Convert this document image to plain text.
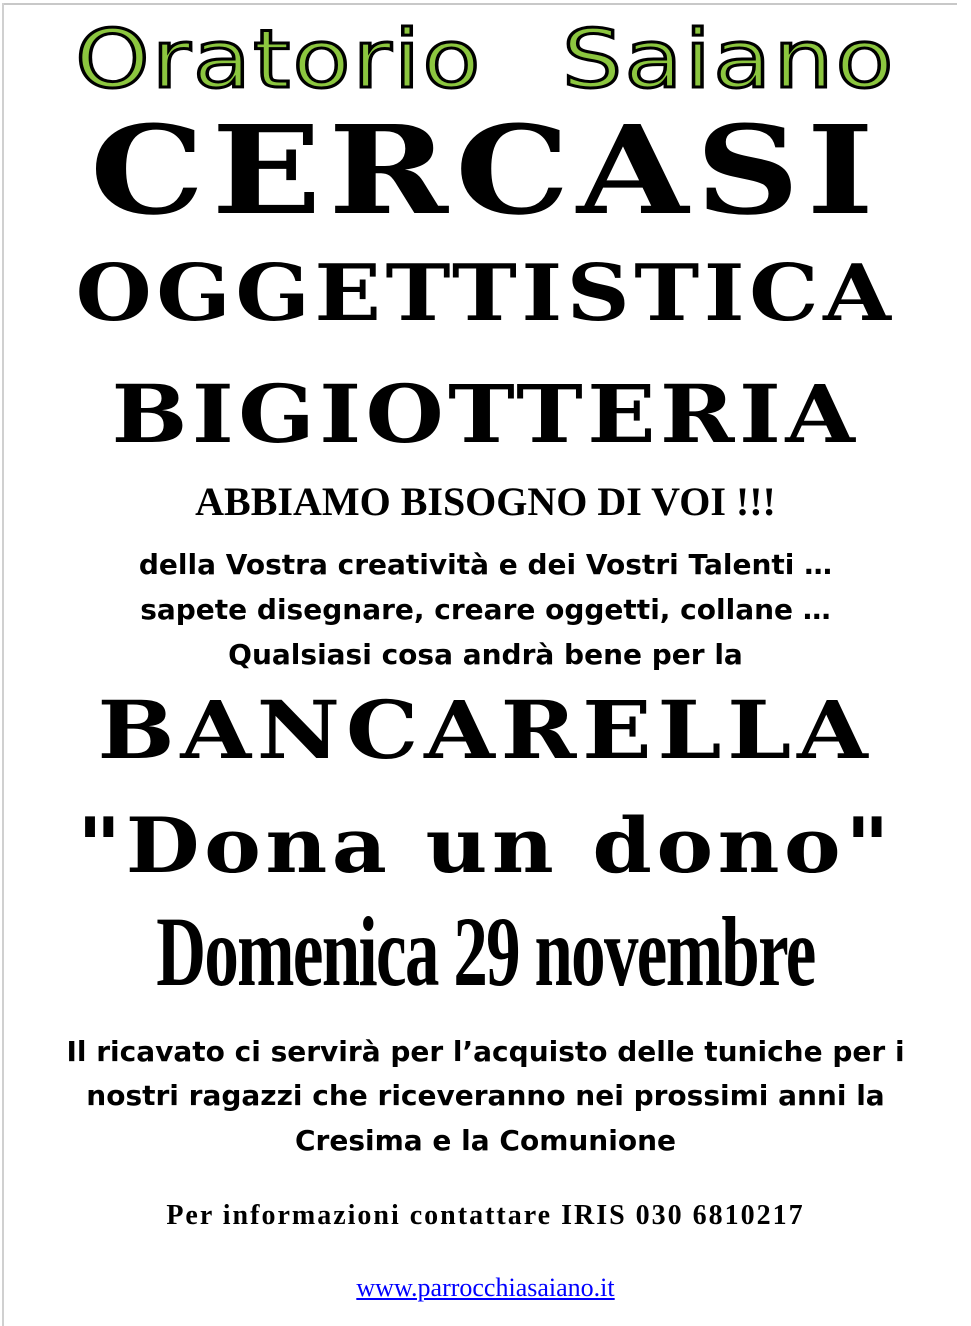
Oratorio Saiano
CERCASI
OGGETTISTICA
BIGIOTTERIA
ABBIAMO BISOGNO DI VOI !!!
della Vostra creatività e dei Vostri Talenti …
sapete disegnare, creare oggetti, collane …
Qualsiasi cosa andrà bene per la
BANCARELLA
"Dona un dono"
Domenica 29 novembre
Il ricavato ci servirà per l’acquisto delle tuniche per i
nostri ragazzi che riceveranno nei prossimi anni la
Cresima e la Comunione
Per informazioni contattare IRIS 030 6810217
www.parrocchiasaiano.it
